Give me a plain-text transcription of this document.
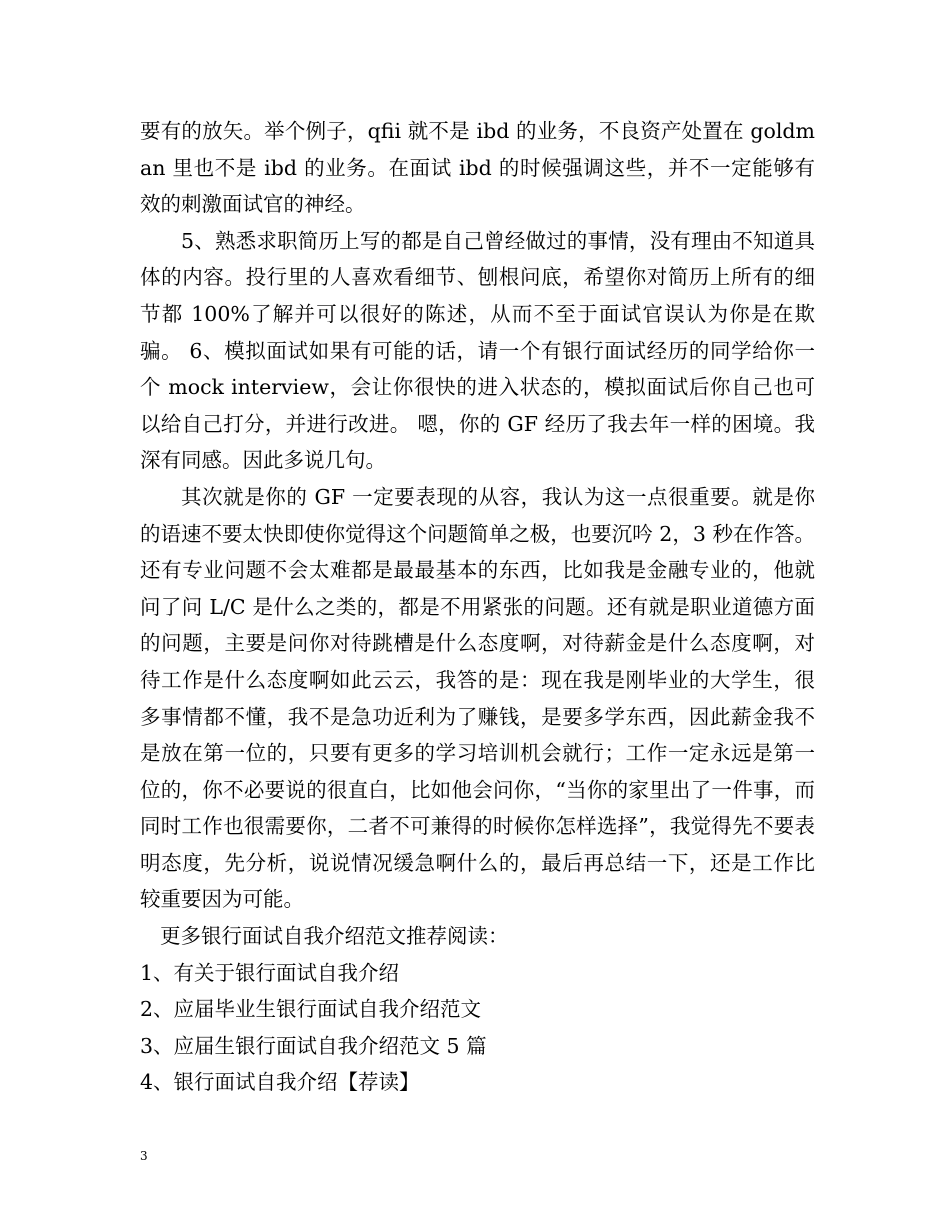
要有的放矢。举个例子，qfii 就不是 ibd 的业务，不良资产处置在 goldman 里也不是 ibd 的业务。在面试 ibd 的时候强调这些，并不一定能够有效的刺激面试官的神经。

5、熟悉求职简历上写的都是自己曾经做过的事情，没有理由不知道具体的内容。投行里的人喜欢看细节、刨根问底，希望你对简历上所有的细节都 100%了解并可以很好的陈述，从而不至于面试官误认为你是在欺骗。 6、模拟面试如果有可能的话，请一个有银行面试经历的同学给你一个 mock interview，会让你很快的进入状态的，模拟面试后你自己也可以给自己打分，并进行改进。 嗯，你的 GF 经历了我去年一样的困境。我深有同感。因此多说几句。

其次就是你的 GF 一定要表现的从容，我认为这一点很重要。就是你的语速不要太快即使你觉得这个问题简单之极，也要沉吟 2，3 秒在作答。还有专业问题不会太难都是最最基本的东西，比如我是金融专业的，他就问了问 L/C 是什么之类的，都是不用紧张的问题。还有就是职业道德方面的问题，主要是问你对待跳槽是什么态度啊，对待薪金是什么态度啊，对待工作是什么态度啊如此云云，我答的是：现在我是刚毕业的大学生，很多事情都不懂，我不是急功近利为了赚钱，是要多学东西，因此薪金我不是放在第一位的，只要有更多的学习培训机会就行；工作一定永远是第一位的，你不必要说的很直白，比如他会问你，“当你的家里出了一件事，而同时工作也很需要你，二者不可兼得的时候你怎样选择”，我觉得先不要表明态度，先分析，说说情况缓急啊什么的，最后再总结一下，还是工作比较重要因为可能。

更多银行面试自我介绍范文推荐阅读：

1、有关于银行面试自我介绍

2、应届毕业生银行面试自我介绍范文

3、应届生银行面试自我介绍范文 5 篇

4、银行面试自我介绍【荐读】

3
